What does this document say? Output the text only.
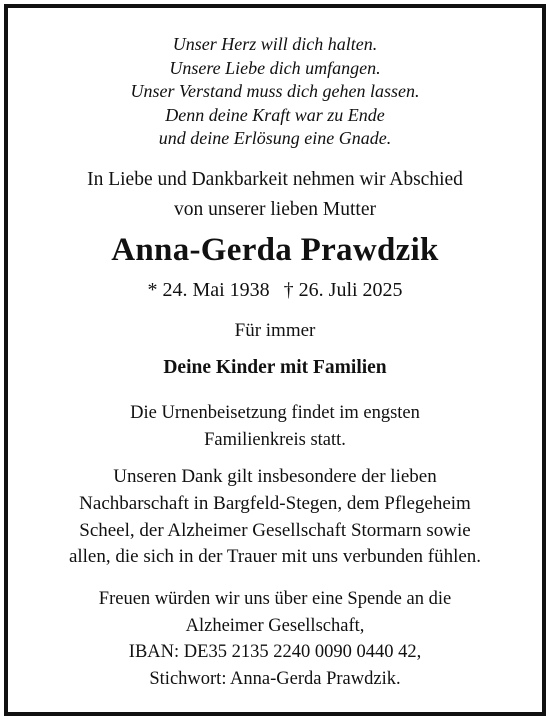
Unser Herz will dich halten.
Unsere Liebe dich umfangen.
Unser Verstand muss dich gehen lassen.
Denn deine Kraft war zu Ende
und deine Erlösung eine Gnade.
In Liebe und Dankbarkeit nehmen wir Abschied
von unserer lieben Mutter
Anna-Gerda Prawdzik
* 24. Mai 1938 † 26. Juli 2025
Für immer
Deine Kinder mit Familien
Die Urnenbeisetzung findet im engsten
Familienkreis statt.
Unseren Dank gilt insbesondere der lieben
Nachbarschaft in Bargfeld-Stegen, dem Pflegeheim
Scheel, der Alzheimer Gesellschaft Stormarn sowie
allen, die sich in der Trauer mit uns verbunden fühlen.
Freuen würden wir uns über eine Spende an die
Alzheimer Gesellschaft,
IBAN: DE35 2135 2240 0090 0440 42,
Stichwort: Anna-Gerda Prawdzik.
